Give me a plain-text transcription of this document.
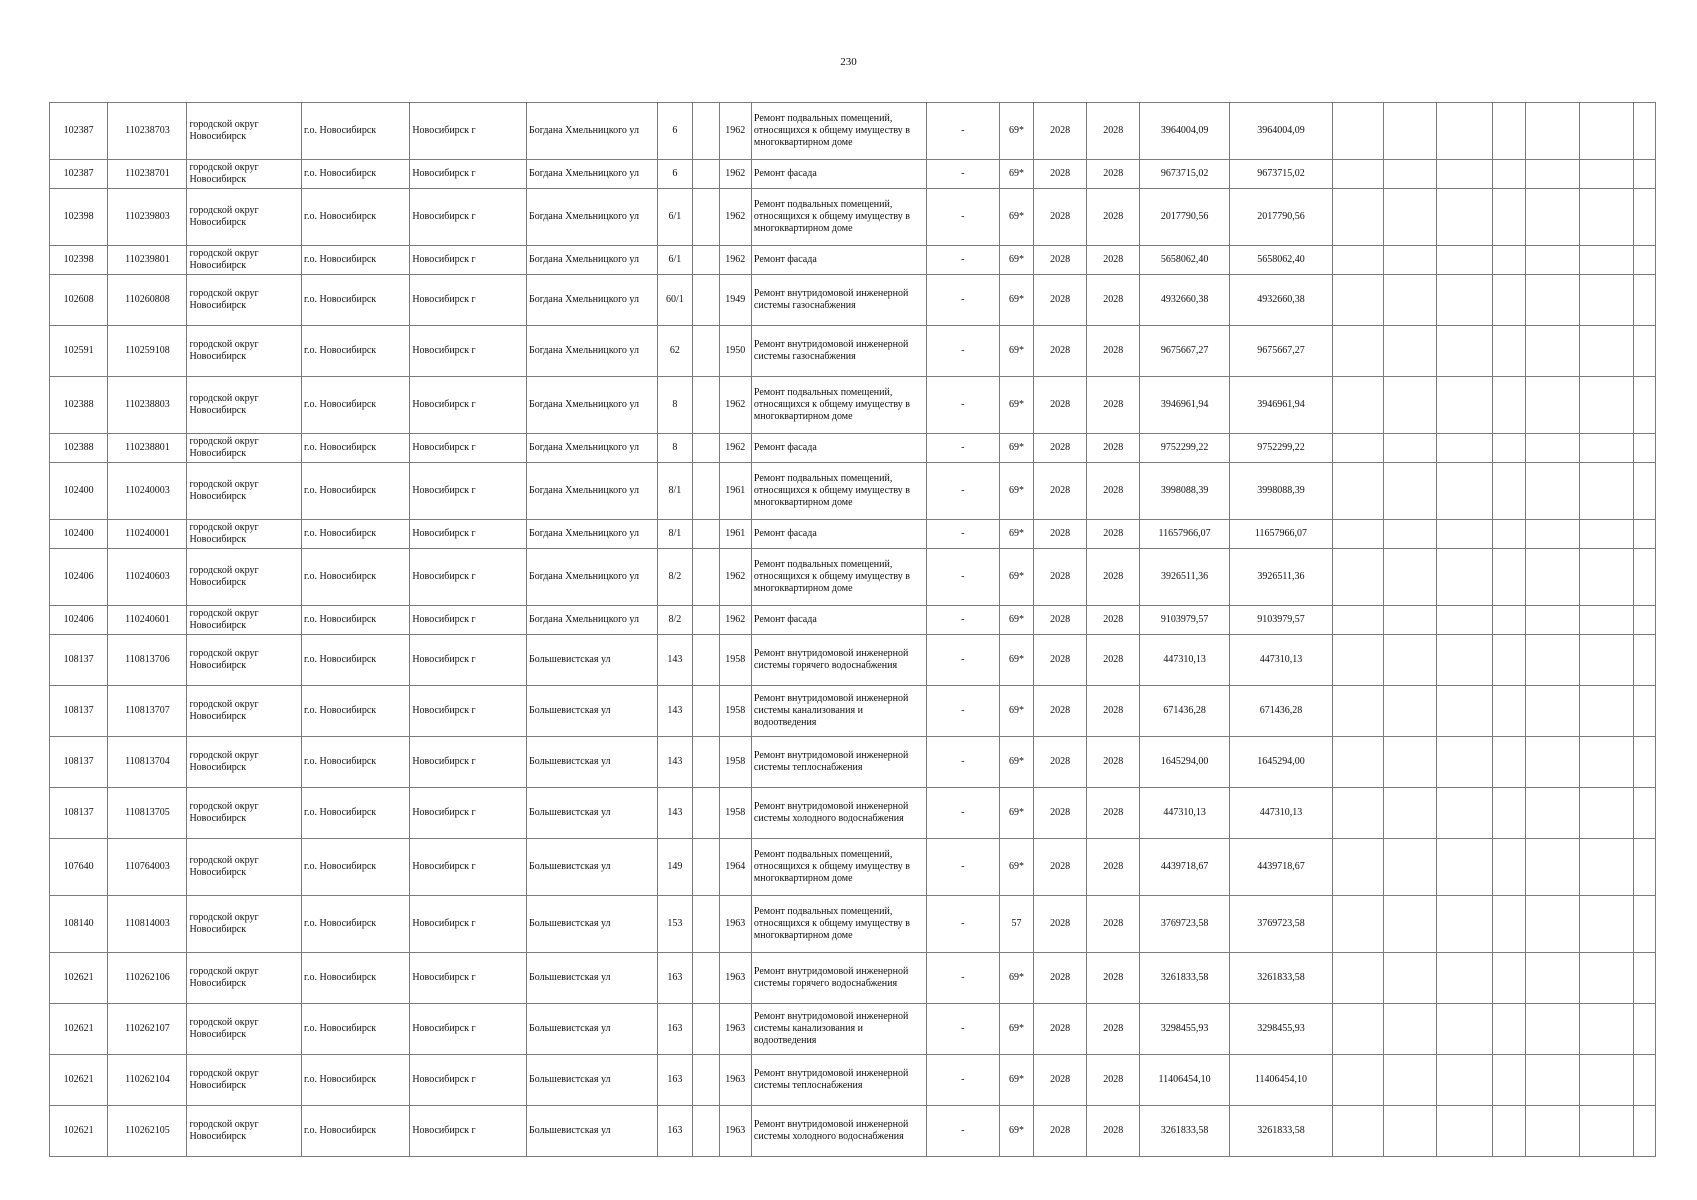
230
102387	110238703	городской округ Новосибирск	г.о. Новосибирск	Новосибирск г	Богдана Хмельницкого ул	6		1962	Ремонт подвальных помещений, относящихся к общему имуществу в многоквартирном доме	-	69*	2028	2028	3964004,09	3964004,09							
102387	110238701	городской округ Новосибирск	г.о. Новосибирск	Новосибирск г	Богдана Хмельницкого ул	6		1962	Ремонт фасада	-	69*	2028	2028	9673715,02	9673715,02							
102398	110239803	городской округ Новосибирск	г.о. Новосибирск	Новосибирск г	Богдана Хмельницкого ул	6/1		1962	Ремонт подвальных помещений, относящихся к общему имуществу в многоквартирном доме	-	69*	2028	2028	2017790,56	2017790,56							
102398	110239801	городской округ Новосибирск	г.о. Новосибирск	Новосибирск г	Богдана Хмельницкого ул	6/1		1962	Ремонт фасада	-	69*	2028	2028	5658062,40	5658062,40							
102608	110260808	городской округ Новосибирск	г.о. Новосибирск	Новосибирск г	Богдана Хмельницкого ул	60/1		1949	Ремонт внутридомовой инженерной системы газоснабжения	-	69*	2028	2028	4932660,38	4932660,38							
102591	110259108	городской округ Новосибирск	г.о. Новосибирск	Новосибирск г	Богдана Хмельницкого ул	62		1950	Ремонт внутридомовой инженерной системы газоснабжения	-	69*	2028	2028	9675667,27	9675667,27							
102388	110238803	городской округ Новосибирск	г.о. Новосибирск	Новосибирск г	Богдана Хмельницкого ул	8		1962	Ремонт подвальных помещений, относящихся к общему имуществу в многоквартирном доме	-	69*	2028	2028	3946961,94	3946961,94							
102388	110238801	городской округ Новосибирск	г.о. Новосибирск	Новосибирск г	Богдана Хмельницкого ул	8		1962	Ремонт фасада	-	69*	2028	2028	9752299,22	9752299,22							
102400	110240003	городской округ Новосибирск	г.о. Новосибирск	Новосибирск г	Богдана Хмельницкого ул	8/1		1961	Ремонт подвальных помещений, относящихся к общему имуществу в многоквартирном доме	-	69*	2028	2028	3998088,39	3998088,39							
102400	110240001	городской округ Новосибирск	г.о. Новосибирск	Новосибирск г	Богдана Хмельницкого ул	8/1		1961	Ремонт фасада	-	69*	2028	2028	11657966,07	11657966,07							
102406	110240603	городской округ Новосибирск	г.о. Новосибирск	Новосибирск г	Богдана Хмельницкого ул	8/2		1962	Ремонт подвальных помещений, относящихся к общему имуществу в многоквартирном доме	-	69*	2028	2028	3926511,36	3926511,36							
102406	110240601	городской округ Новосибирск	г.о. Новосибирск	Новосибирск г	Богдана Хмельницкого ул	8/2		1962	Ремонт фасада	-	69*	2028	2028	9103979,57	9103979,57							
108137	110813706	городской округ Новосибирск	г.о. Новосибирск	Новосибирск г	Большевистская ул	143		1958	Ремонт внутридомовой инженерной системы горячего водоснабжения	-	69*	2028	2028	447310,13	447310,13							
108137	110813707	городской округ Новосибирск	г.о. Новосибирск	Новосибирск г	Большевистская ул	143		1958	Ремонт внутридомовой инженерной системы канализования и водоотведения	-	69*	2028	2028	671436,28	671436,28							
108137	110813704	городской округ Новосибирск	г.о. Новосибирск	Новосибирск г	Большевистская ул	143		1958	Ремонт внутридомовой инженерной системы теплоснабжения	-	69*	2028	2028	1645294,00	1645294,00							
108137	110813705	городской округ Новосибирск	г.о. Новосибирск	Новосибирск г	Большевистская ул	143		1958	Ремонт внутридомовой инженерной системы холодного водоснабжения	-	69*	2028	2028	447310,13	447310,13							
107640	110764003	городской округ Новосибирск	г.о. Новосибирск	Новосибирск г	Большевистская ул	149		1964	Ремонт подвальных помещений, относящихся к общему имуществу в многоквартирном доме	-	69*	2028	2028	4439718,67	4439718,67							
108140	110814003	городской округ Новосибирск	г.о. Новосибирск	Новосибирск г	Большевистская ул	153		1963	Ремонт подвальных помещений, относящихся к общему имуществу в многоквартирном доме	-	57	2028	2028	3769723,58	3769723,58							
102621	110262106	городской округ Новосибирск	г.о. Новосибирск	Новосибирск г	Большевистская ул	163		1963	Ремонт внутридомовой инженерной системы горячего водоснабжения	-	69*	2028	2028	3261833,58	3261833,58							
102621	110262107	городской округ Новосибирск	г.о. Новосибирск	Новосибирск г	Большевистская ул	163		1963	Ремонт внутридомовой инженерной системы канализования и водоотведения	-	69*	2028	2028	3298455,93	3298455,93							
102621	110262104	городской округ Новосибирск	г.о. Новосибирск	Новосибирск г	Большевистская ул	163		1963	Ремонт внутридомовой инженерной системы теплоснабжения	-	69*	2028	2028	11406454,10	11406454,10							
102621	110262105	городской округ Новосибирск	г.о. Новосибирск	Новосибирск г	Большевистская ул	163		1963	Ремонт внутридомовой инженерной системы холодного водоснабжения	-	69*	2028	2028	3261833,58	3261833,58							
